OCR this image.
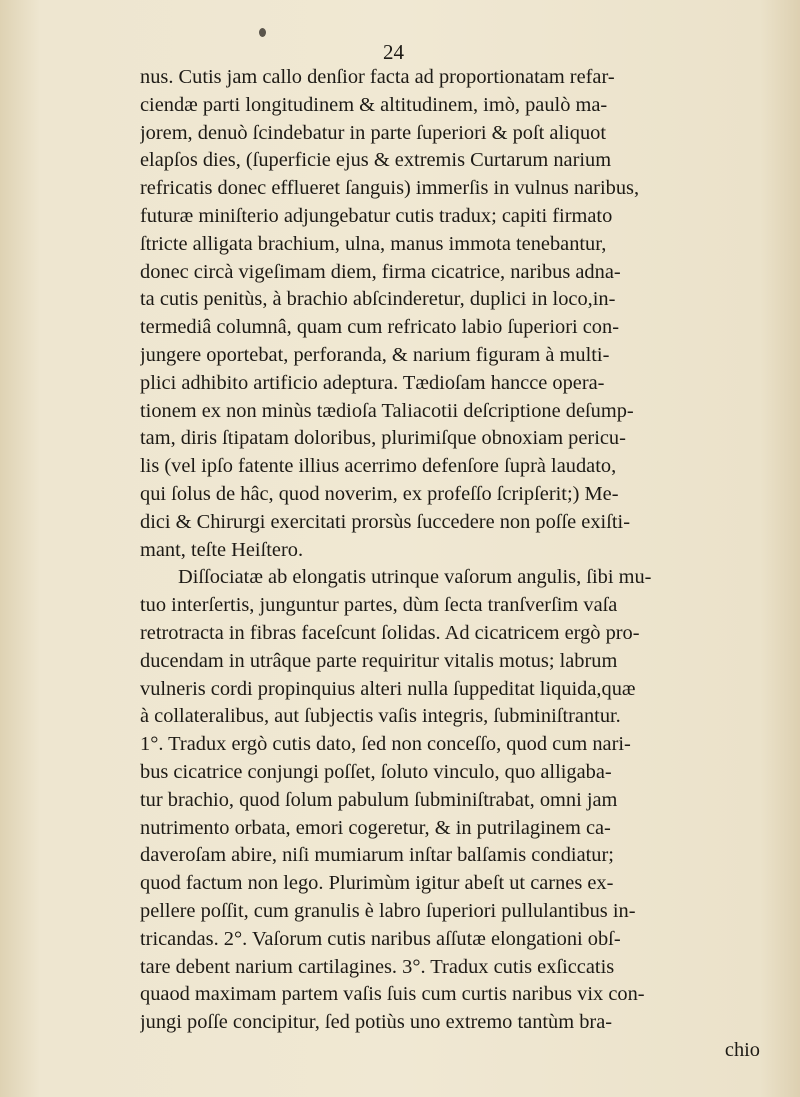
24
nus. Cutis jam callo denſior facta ad proportionatam refar-
ciendæ parti longitudinem & altitudinem, imò, paulò ma-
jorem, denuò ſcindebatur in parte ſuperiori & poſt aliquot
elapſos dies, (ſuperficie ejus & extremis Curtarum narium
refricatis donec efflueret ſanguis) immerſis in vulnus naribus,
futuræ miniſterio adjungebatur cutis tradux; capiti firmato
ſtricte alligata brachium, ulna, manus immota tenebantur,
donec circà vigeſimam diem, firma cicatrice, naribus adna-
ta cutis penitùs, à brachio abſcinderetur, duplici in loco,in-
termediâ columnâ, quam cum refricato labio ſuperiori con-
jungere oportebat, perforanda, & narium figuram à multi-
plici adhibito artificio adeptura. Tædioſam hancce opera-
tionem ex non minùs tædioſa Taliacotii deſcriptione deſump-
tam, diris ſtipatam doloribus, plurimiſque obnoxiam pericu-
lis (vel ipſo fatente illius acerrimo defenſore ſuprà laudato,
qui ſolus de hâc, quod noverim, ex profeſſo ſcripſerit;) Me-
dici & Chirurgi exercitati prorsùs ſuccedere non poſſe exiſti-
mant, teſte Heiſtero.
Diſſociatæ ab elongatis utrinque vaſorum angulis, ſibi mu-
tuo interſertis, junguntur partes, dùm ſecta tranſverſim vaſa
retrotracta in fibras faceſcunt ſolidas. Ad cicatricem ergò pro-
ducendam in utrâque parte requiritur vitalis motus; labrum
vulneris cordi propinquius alteri nulla ſuppeditat liquida,quæ
à collateralibus, aut ſubjectis vaſis integris, ſubminiſtrantur.
1°. Tradux ergò cutis dato, ſed non conceſſo, quod cum nari-
bus cicatrice conjungi poſſet, ſoluto vinculo, quo alligaba-
tur brachio, quod ſolum pabulum ſubminiſtrabat, omni jam
nutrimento orbata, emori cogeretur, & in putrilaginem ca-
daveroſam abire, niſi mumiarum inſtar balſamis condiatur;
quod factum non lego. Plurimùm igitur abeſt ut carnes ex-
pellere poſſit, cum granulis è labro ſuperiori pullulantibus in-
tricandas. 2°. Vaſorum cutis naribus aſſutæ elongationi obſ-
tare debent narium cartilagines. 3°. Tradux cutis exſiccatis
quaod maximam partem vaſis ſuis cum curtis naribus vix con-
jungi poſſe concipitur, ſed potiùs uno extremo tantùm bra-
chio
